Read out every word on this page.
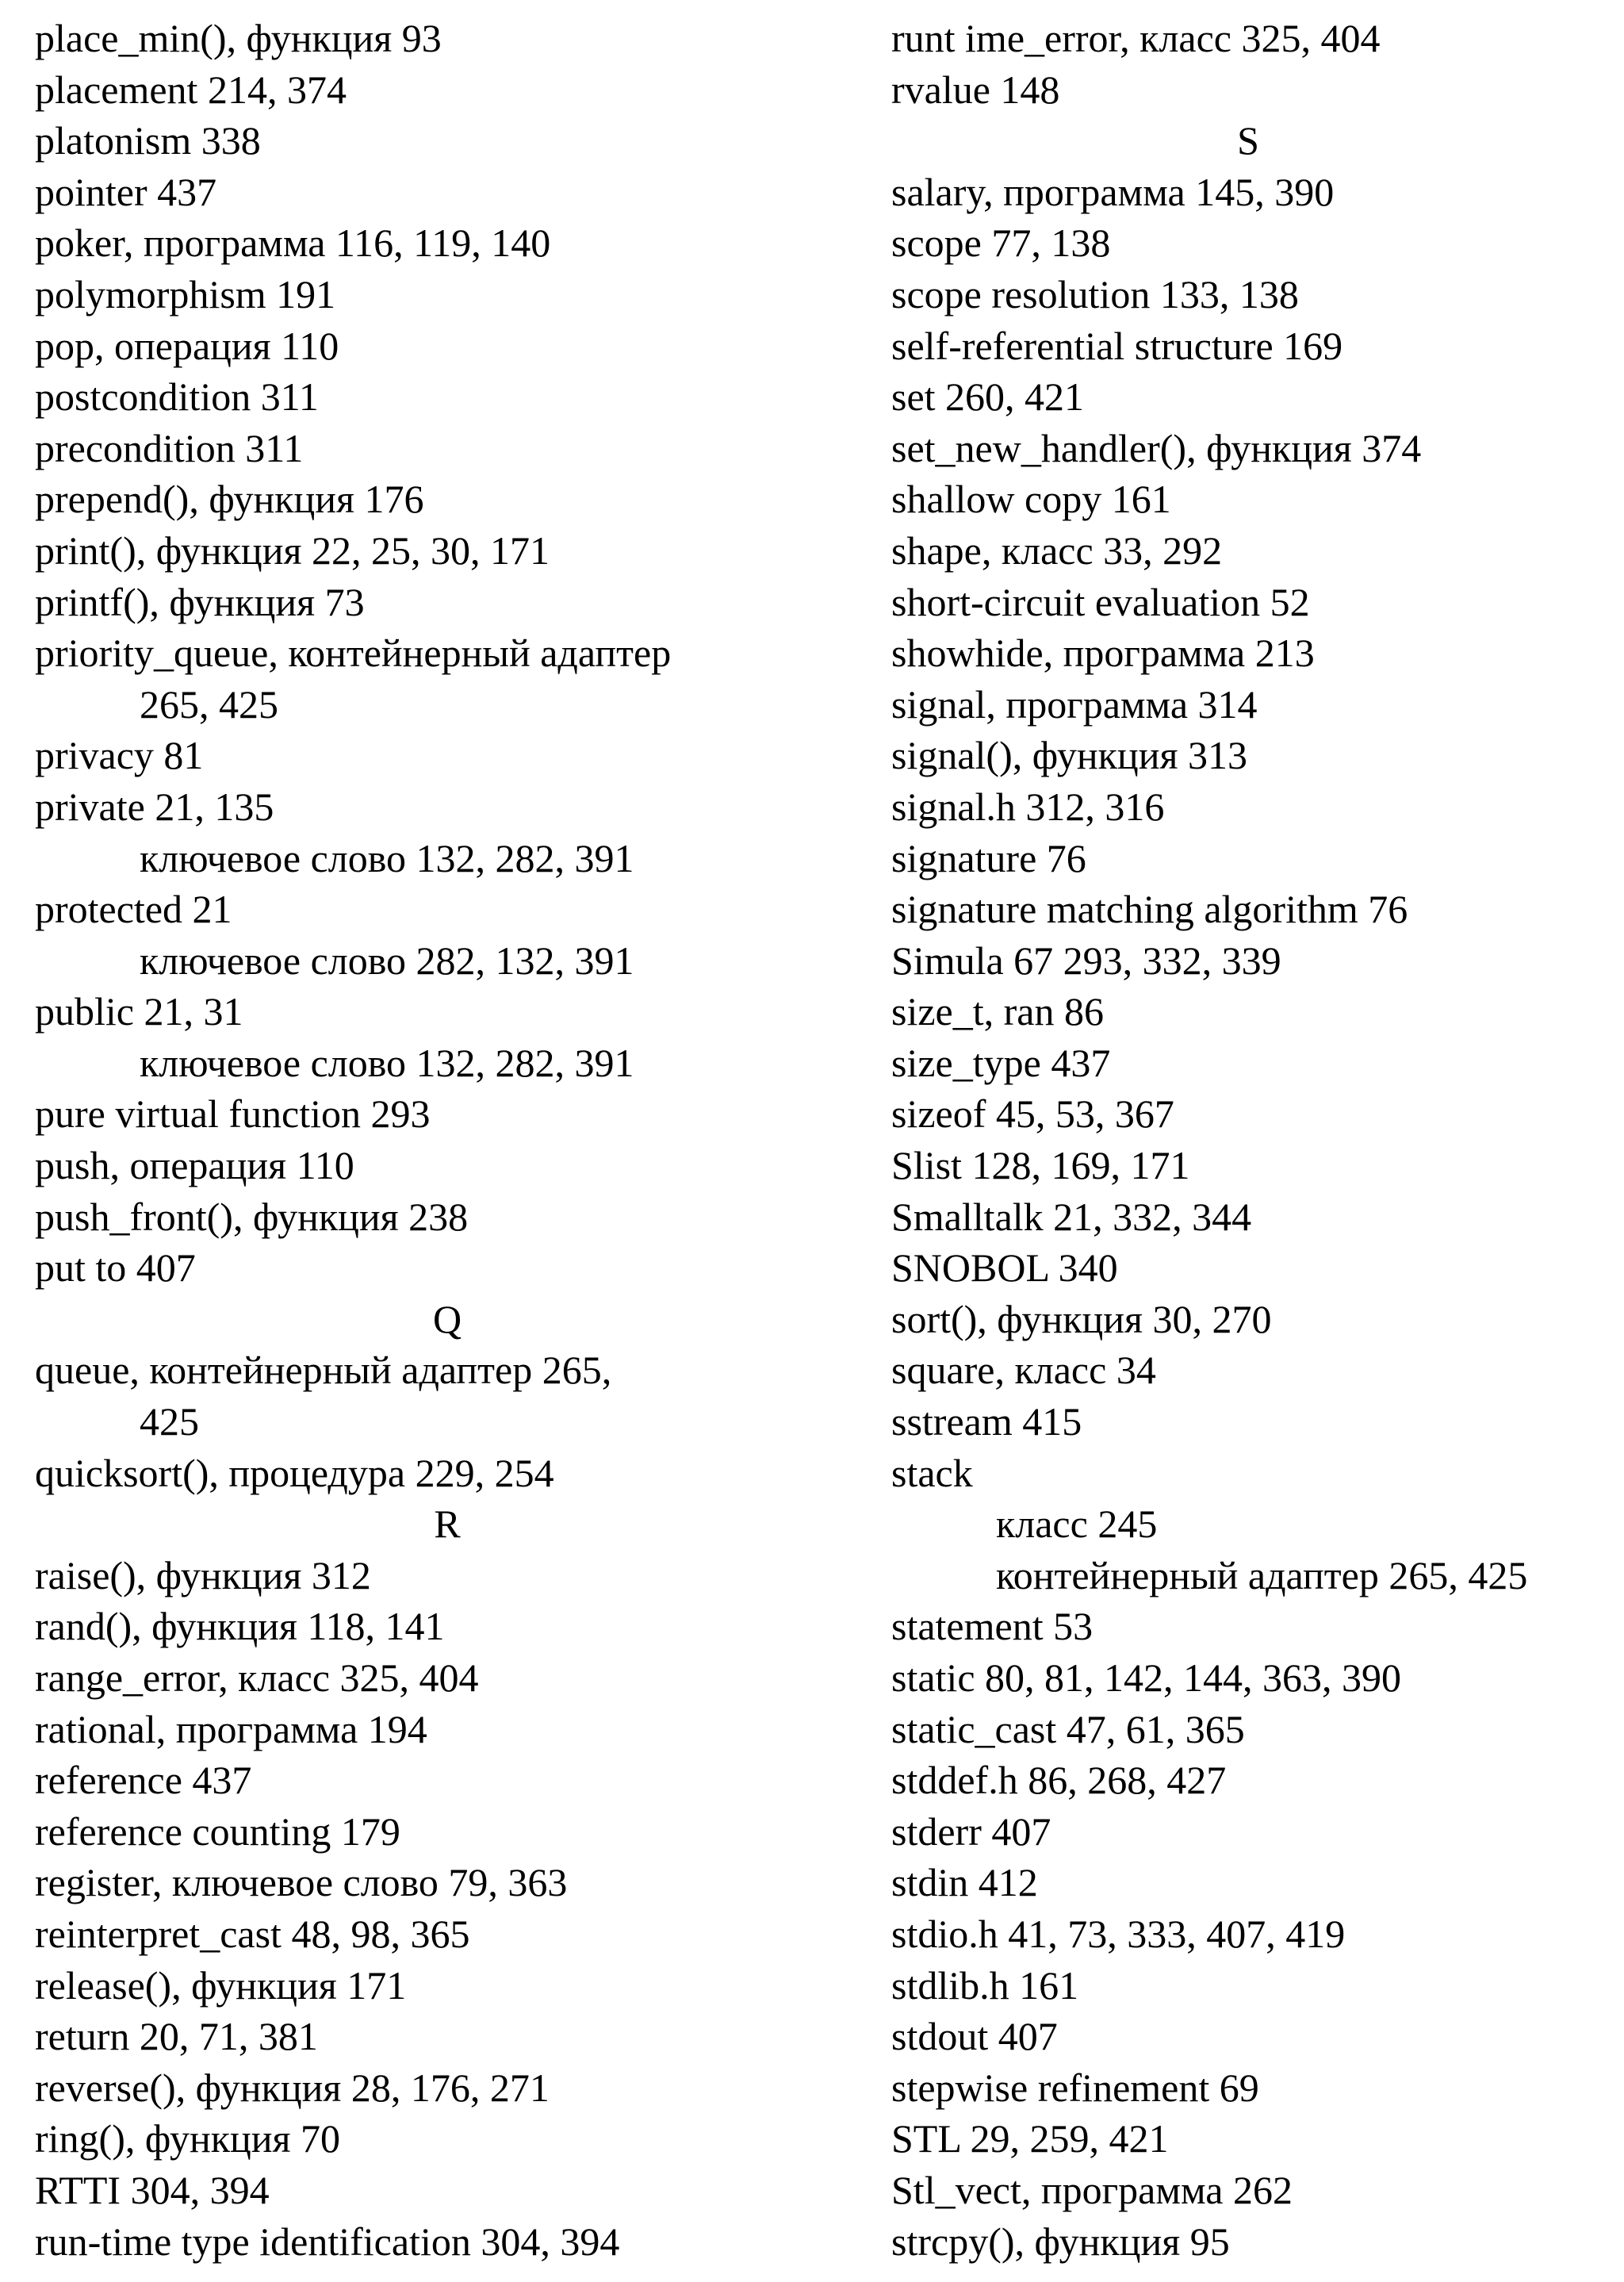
place_min(), функция 93
placement 214, 374
platonism 338
pointer 437
poker, программа 116, 119, 140
polymorphism 191
pop, операция 110
postcondition 311
precondition 311
prepend(), функция 176
print(), функция 22, 25, 30, 171
printf(), функция 73
priority_queue, контейнерный адаптер
265, 425
privacy 81
private 21, 135
ключевое слово 132, 282, 391
protected 21
ключевое слово 282, 132, 391
public 21, 31
ключевое слово 132, 282, 391
pure virtual function 293
push, операция 110
push_front(), функция 238
put to 407
Q
queue, контейнерный адаптер 265,
425
quicksort(), процедура 229, 254
R
raise(), функция 312
rand(), функция 118, 141
range_error, класс 325, 404
rational, программа 194
reference 437
reference counting 179
register, ключевое слово 79, 363
reinterpret_cast 48, 98, 365
release(), функция 171
return 20, 71, 381
reverse(), функция 28, 176, 271
ring(), функция 70
RTTI 304, 394
run-time type identification 304, 394
runt ime_error, класс 325, 404
rvalue 148
S
salary, программа 145, 390
scope 77, 138
scope resolution 133, 138
self-referential structure 169
set 260, 421
set_new_handler(), функция 374
shallow copy 161
shape, класс 33, 292
short-circuit evaluation 52
showhide, программа 213
signal, программа 314
signal(), функция 313
signal.h 312, 316
signature 76
signature matching algorithm 76
Simula 67 293, 332, 339
size_t, ran 86
size_type 437
sizeof 45, 53, 367
Slist 128, 169, 171
Smalltalk 21, 332, 344
SNOBOL 340
sort(), функция 30, 270
square, класс 34
sstream 415
stack
класс 245
контейнерный адаптер 265, 425
statement 53
static 80, 81, 142, 144, 363, 390
static_cast 47, 61, 365
stddef.h 86, 268, 427
stderr 407
stdin 412
stdio.h 41, 73, 333, 407, 419
stdlib.h 161
stdout 407
stepwise refinement 69
STL 29, 259, 421
Stl_vect, программа 262
strcpy(), функция 95
